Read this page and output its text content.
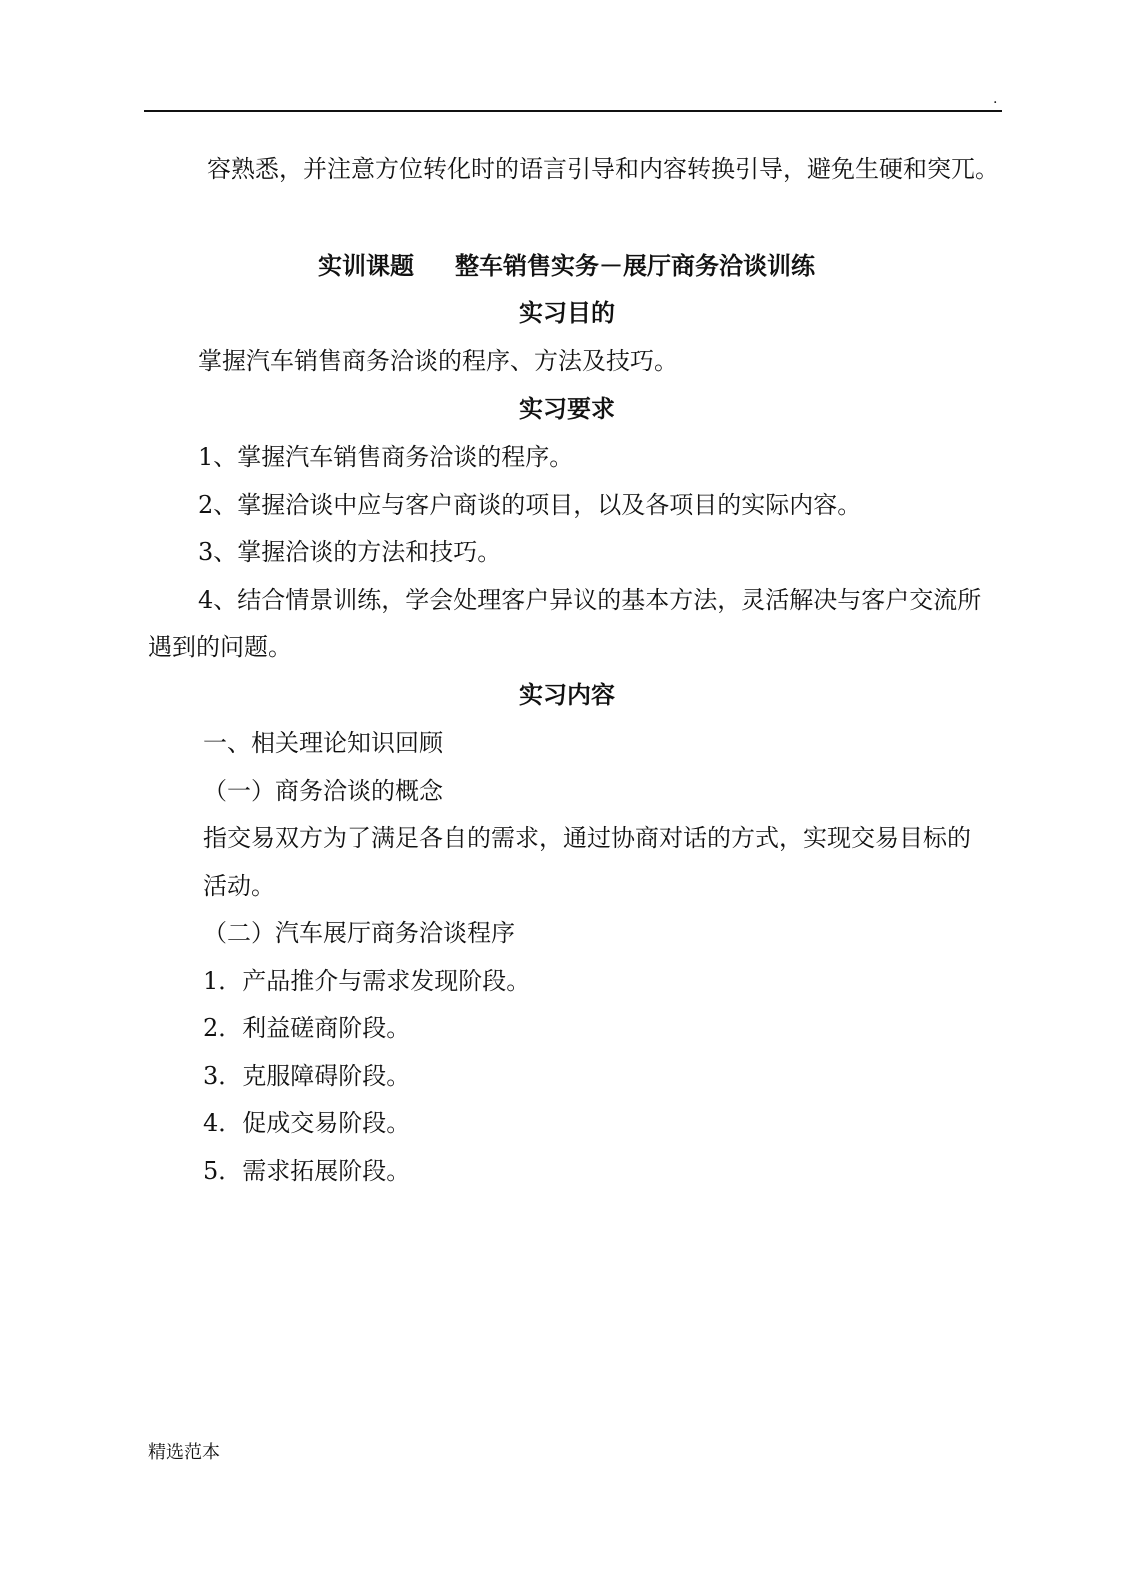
.
容熟悉，并注意方位转化时的语言引导和内容转换引导，避免生硬和突兀。
实训课题 整车销售实务－展厅商务洽谈训练
实习目的
掌握汽车销售商务洽谈的程序、方法及技巧。
实习要求
1、掌握汽车销售商务洽谈的程序。
2、掌握洽谈中应与客户商谈的项目，以及各项目的实际内容。
3、掌握洽谈的方法和技巧。
4、结合情景训练，学会处理客户异议的基本方法，灵活解决与客户交流所
遇到的问题。
实习内容
一、相关理论知识回顾
（一）商务洽谈的概念
指交易双方为了满足各自的需求，通过协商对话的方式，实现交易目标的
活动。
（二）汽车展厅商务洽谈程序
1．产品推介与需求发现阶段。
2．利益磋商阶段。
3．克服障碍阶段。
4．促成交易阶段。
5．需求拓展阶段。
精选范本
